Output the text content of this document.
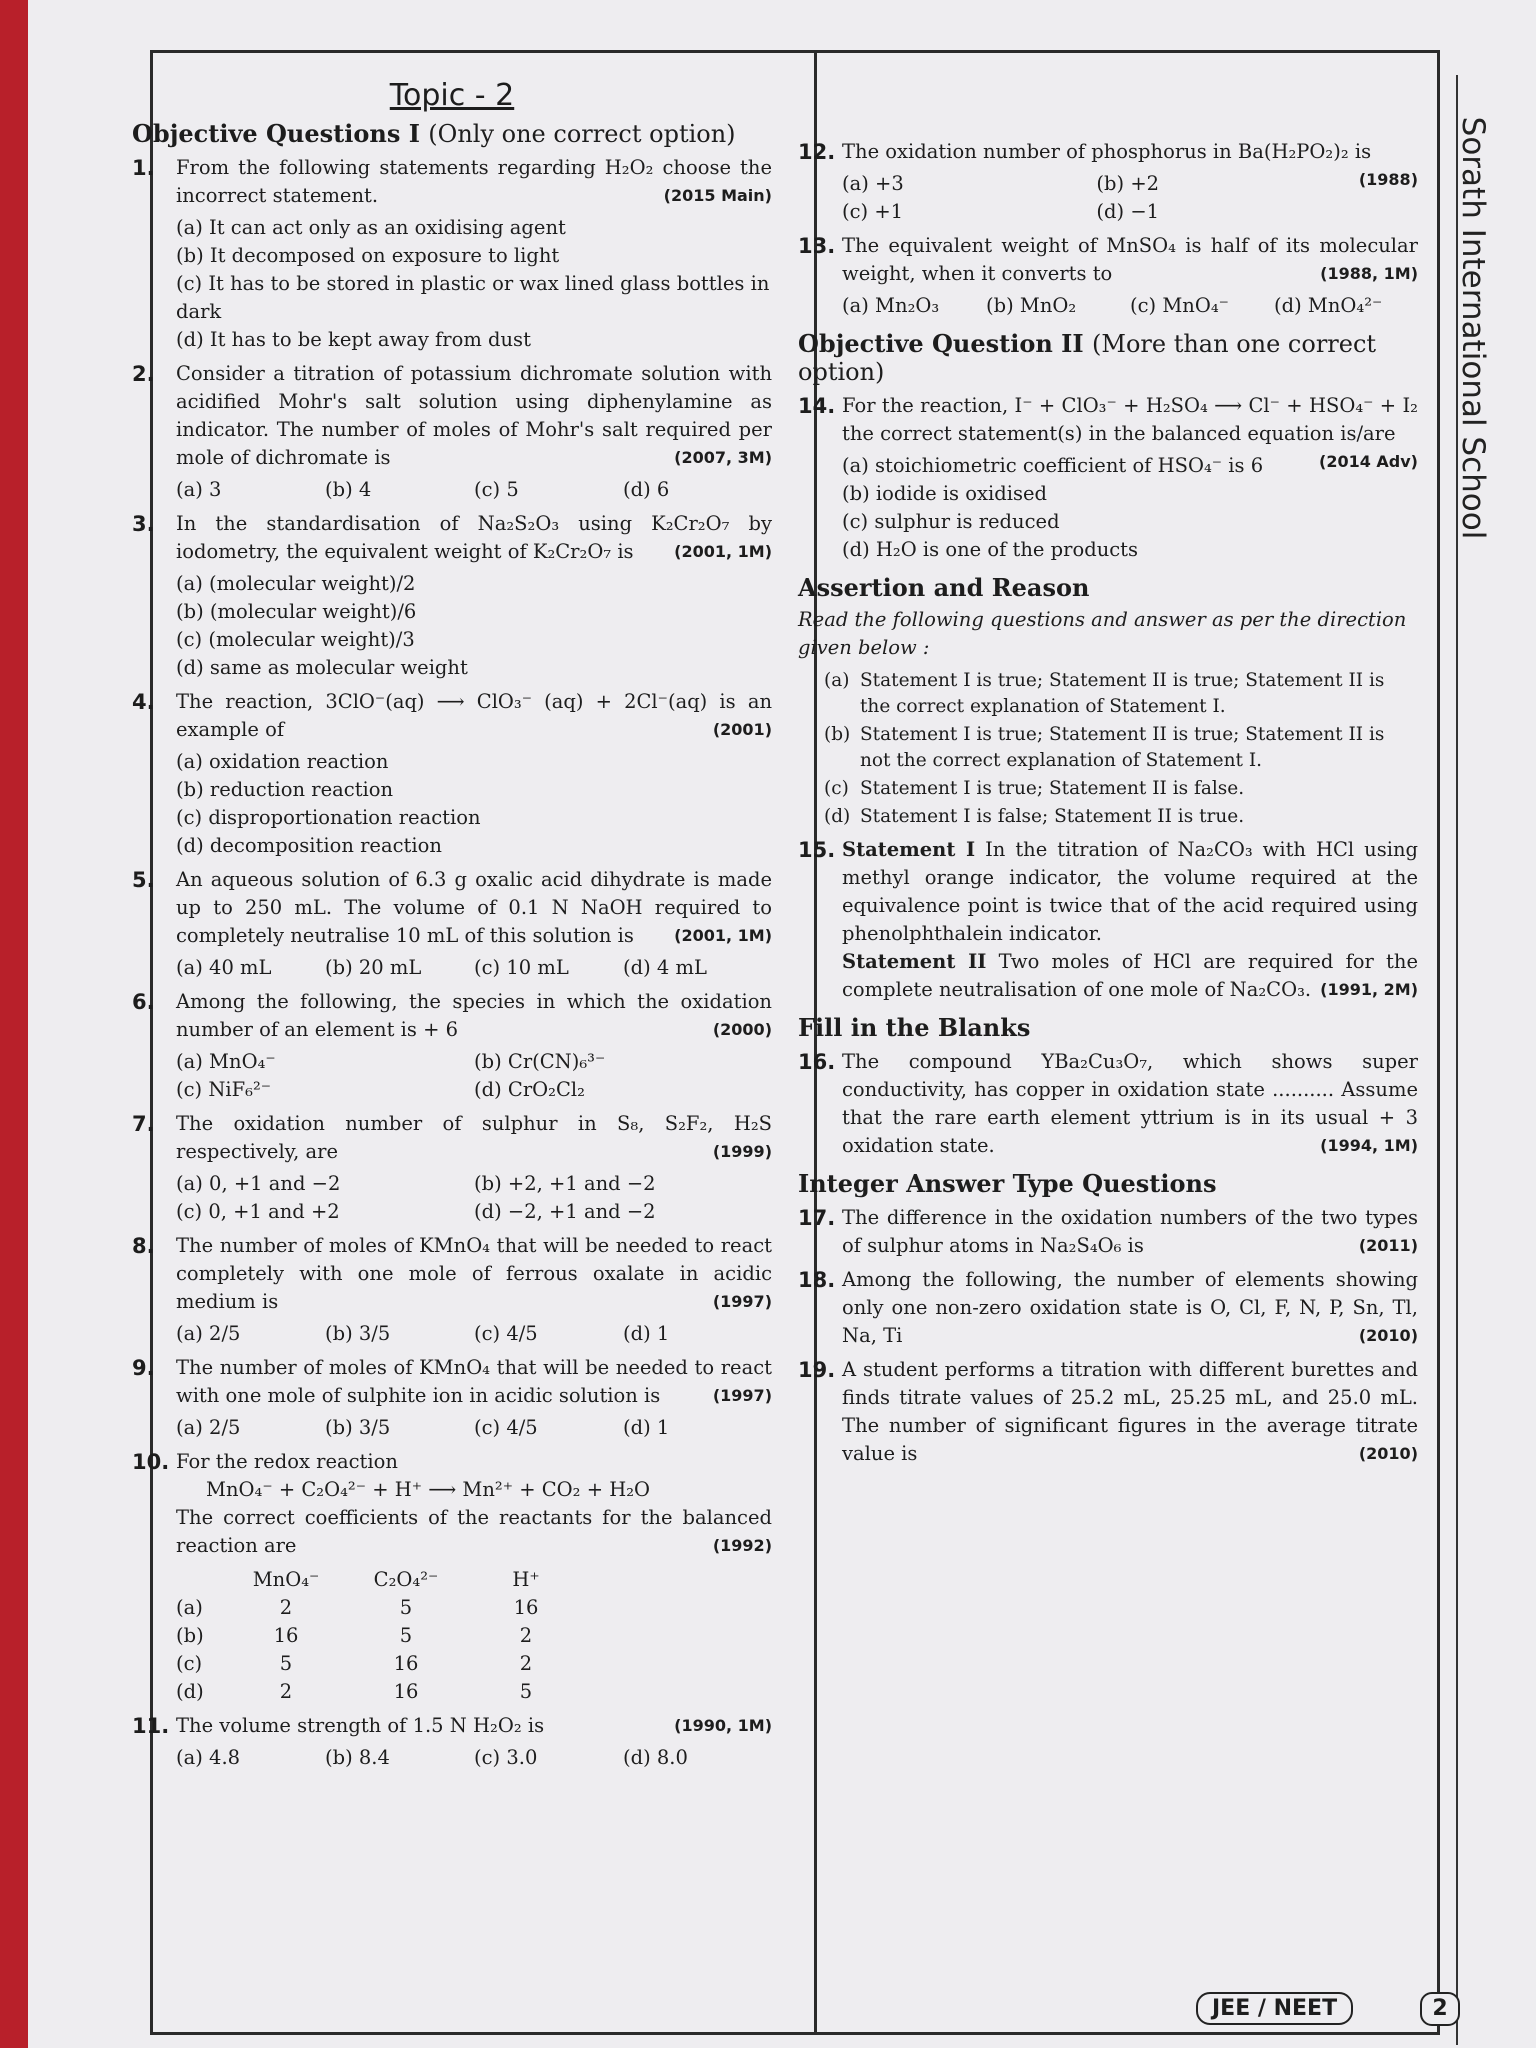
Sorath International School
JEE / NEET	2
Topic - 2
Objective Questions I (Only one correct option)
1. From the following statements regarding H₂O₂ choose the incorrect statement.	(2015 Main)
(a) It can act only as an oxidising agent
(b) It decomposed on exposure to light
(c) It has to be stored in plastic or wax lined glass bottles in dark
(d) It has to be kept away from dust
2. Consider a titration of potassium dichromate solution with acidified Mohr's salt solution using diphenylamine as indicator. The number of moles of Mohr's salt required per mole of dichromate is	(2007, 3M)
(a) 3	(b) 4	(c) 5	(d) 6
3. In the standardisation of Na₂S₂O₃ using K₂Cr₂O₇ by iodometry, the equivalent weight of K₂Cr₂O₇ is	(2001, 1M)
(a) (molecular weight)/2
(b) (molecular weight)/6
(c) (molecular weight)/3
(d) same as molecular weight
4. The reaction, 3ClO⁻(aq) ⟶ ClO₃⁻ (aq) + 2Cl⁻(aq) is an example of	(2001)
(a) oxidation reaction
(b) reduction reaction
(c) disproportionation reaction
(d) decomposition reaction
5. An aqueous solution of 6.3 g oxalic acid dihydrate is made up to 250 mL. The volume of 0.1 N NaOH required to completely neutralise 10 mL of this solution is	(2001, 1M)
(a) 40 mL	(b) 20 mL	(c) 10 mL	(d) 4 mL
6. Among the following, the species in which the oxidation number of an element is + 6	(2000)
(a) MnO₄⁻	(b) Cr(CN)₆³⁻
(c) NiF₆²⁻	(d) CrO₂Cl₂
7. The oxidation number of sulphur in S₈, S₂F₂, H₂S respectively, are	(1999)
(a) 0, +1 and −2	(b) +2, +1 and −2
(c) 0, +1 and +2	(d) −2, +1 and −2
8. The number of moles of KMnO₄ that will be needed to react completely with one mole of ferrous oxalate in acidic medium is	(1997)
(a) 2/5	(b) 3/5	(c) 4/5	(d) 1
9. The number of moles of KMnO₄ that will be needed to react with one mole of sulphite ion in acidic solution is	(1997)
(a) 2/5	(b) 3/5	(c) 4/5	(d) 1
10. For the redox reaction
MnO₄⁻ + C₂O₄²⁻ + H⁺ ⟶ Mn²⁺ + CO₂ + H₂O
The correct coefficients of the reactants for the balanced reaction are	(1992)
	MnO₄⁻	C₂O₄²⁻	H⁺
(a)	2	5	16
(b)	16	5	2
(c)	5	16	2
(d)	2	16	5
11. The volume strength of 1.5 N H₂O₂ is	(1990, 1M)
(a) 4.8	(b) 8.4	(c) 3.0	(d) 8.0
12. The oxidation number of phosphorus in Ba(H₂PO₂)₂ is
(1988)
(a) +3	(b) +2
(c) +1	(d) −1
13. The equivalent weight of MnSO₄ is half of its molecular weight, when it converts to	(1988, 1M)
(a) Mn₂O₃	(b) MnO₂	(c) MnO₄⁻	(d) MnO₄²⁻
Objective Question II (More than one correct option)
14. For the reaction, I⁻ + ClO₃⁻ + H₂SO₄ ⟶ Cl⁻ + HSO₄⁻ + I₂ the correct statement(s) in the balanced equation is/are
(2014 Adv)
(a) stoichiometric coefficient of HSO₄⁻ is 6
(b) iodide is oxidised
(c) sulphur is reduced
(d) H₂O is one of the products
Assertion and Reason
Read the following questions and answer as per the direction given below :
(a) Statement I is true; Statement II is true; Statement II is the correct explanation of Statement I.
(b) Statement I is true; Statement II is true; Statement II is not the correct explanation of Statement I.
(c) Statement I is true; Statement II is false.
(d) Statement I is false; Statement II is true.
15. Statement I In the titration of Na₂CO₃ with HCl using methyl orange indicator, the volume required at the equivalence point is twice that of the acid required using phenolphthalein indicator.
Statement II Two moles of HCl are required for the complete neutralisation of one mole of Na₂CO₃. (1991, 2M)
Fill in the Blanks
16. The compound YBa₂Cu₃O₇, which shows super conductivity, has copper in oxidation state .......... Assume that the rare earth element yttrium is in its usual + 3 oxidation state.	(1994, 1M)
Integer Answer Type Questions
17. The difference in the oxidation numbers of the two types of sulphur atoms in Na₂S₄O₆ is	(2011)
18. Among the following, the number of elements showing only one non-zero oxidation state is O, Cl, F, N, P, Sn, Tl, Na, Ti	(2010)
19. A student performs a titration with different burettes and finds titrate values of 25.2 mL, 25.25 mL, and 25.0 mL. The number of significant figures in the average titrate value is	(2010)
